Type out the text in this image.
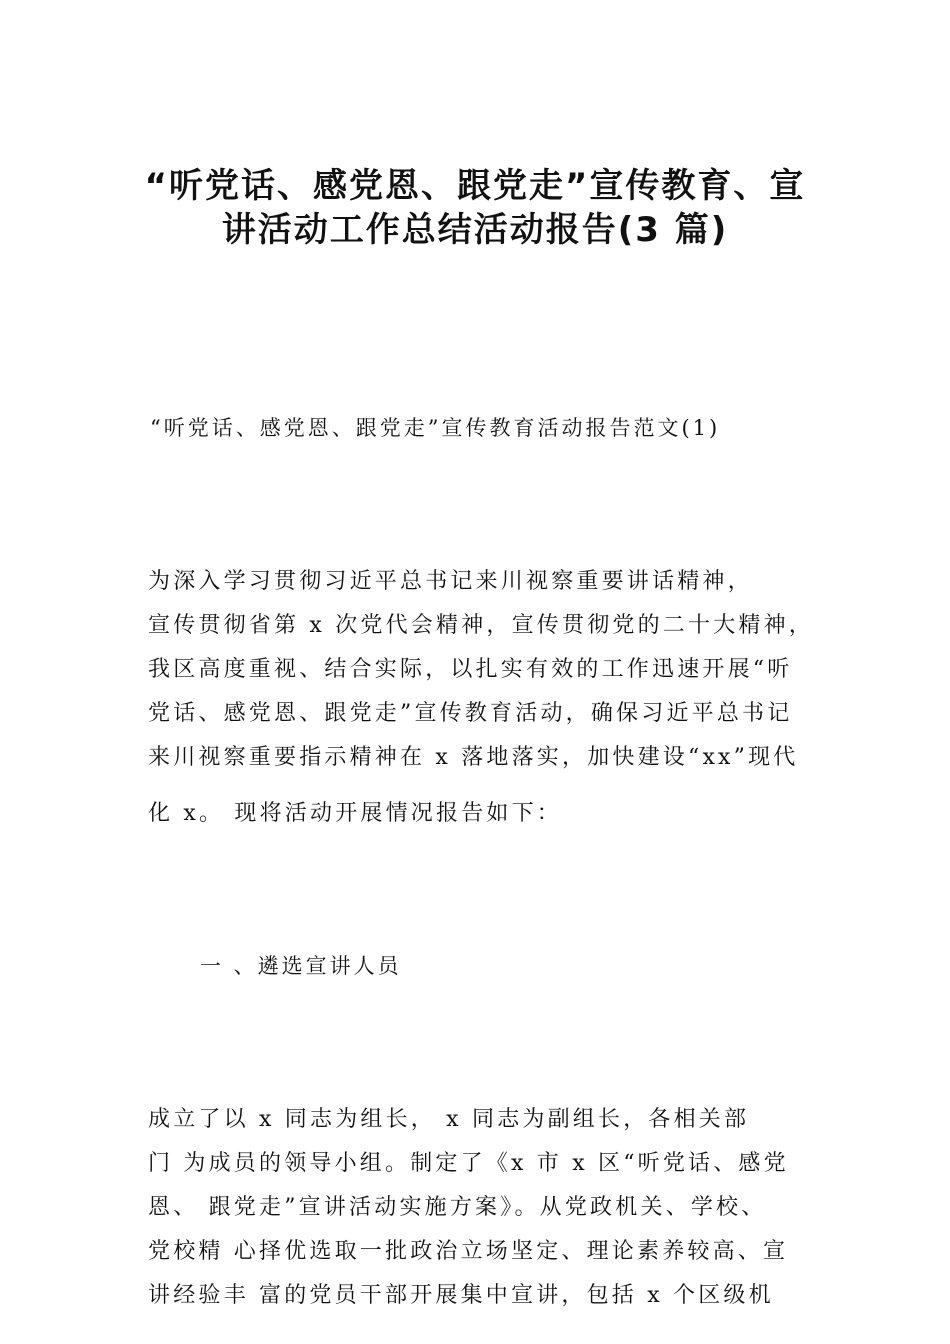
“听党话、感党恩、跟党走”宣传教育、宣
讲活动工作总结活动报告(3 篇)

“听党话、感党恩、跟党走”宣传教育活动报告范文(1)

为深入学习贯彻习近平总书记来川视察重要讲话精神，

宣传贯彻省第 x 次党代会精神，宣传贯彻党的二十大精神，

我区高度重视、结合实际，以扎实有效的工作迅速开展“听

党话、感党恩、跟党走”宣传教育活动，确保习近平总书记

来川视察重要指示精神在 x 落地落实，加快建设“xx”现代

化 x。 现将活动开展情况报告如下：

一 、遴选宣讲人员

成立了以 x 同志为组长， x 同志为副组长，各相关部

门 为成员的领导小组。制定了《x 市 x 区“听党话、感党

恩、 跟党走”宣讲活动实施方案》。从党政机关、学校、

党校精 心择优选取一批政治立场坚定、理论素养较高、宣

讲经验丰 富的党员干部开展集中宣讲，包括 x 个区级机
